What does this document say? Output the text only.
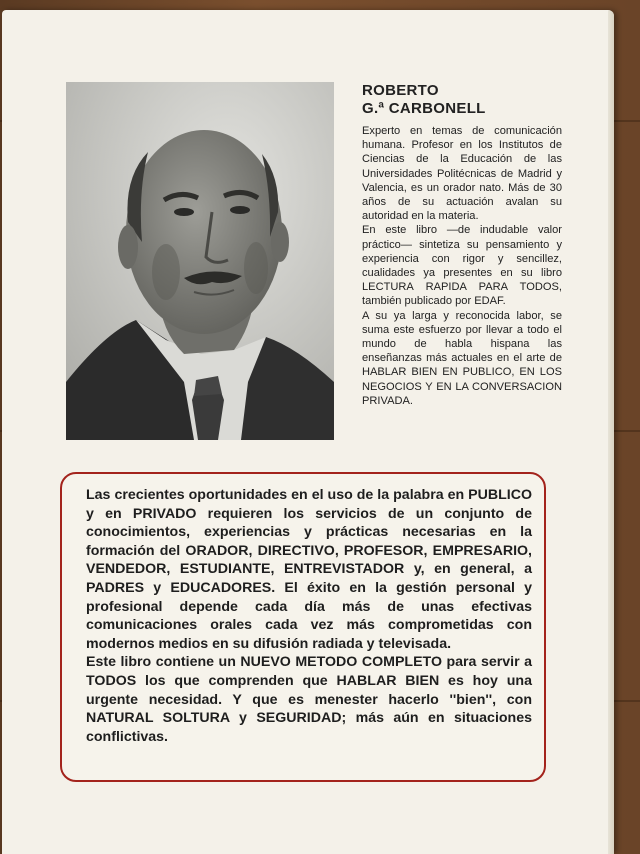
ROBERTO
G.ª CARBONELL

Experto en temas de comunicación humana. Profesor en los Institutos de Ciencias de la Educación de las Universidades Politécnicas de Madrid y Valencia, es un orador nato. Más de 30 años de su actuación avalan su autoridad en la materia.

En este libro —de indudable valor práctico— sintetiza su pensamiento y experiencia con rigor y sencillez, cualidades ya presentes en su libro LECTURA RAPIDA PARA TODOS, también publicado por EDAF.

A su ya larga y reconocida labor, se suma este esfuerzo por llevar a todo el mundo de habla hispana las enseñanzas más actuales en el arte de HABLAR BIEN EN PUBLICO, EN LOS NEGOCIOS Y EN LA CONVERSACION PRIVADA.

Las crecientes oportunidades en el uso de la palabra en PUBLICO y en PRIVADO requieren los servicios de un conjunto de conocimientos, experiencias y prácticas necesarias en la formación del ORADOR, DIRECTIVO, PROFESOR, EMPRESARIO, VENDEDOR, ESTUDIANTE, ENTREVISTADOR y, en general, a PADRES y EDUCADORES. El éxito en la gestión personal y profesional depende cada día más de unas efectivas comunicaciones orales cada vez más comprometidas con modernos medios en su difusión radiada y televisada.

Este libro contiene un NUEVO METODO COMPLETO para servir a TODOS los que comprenden que HABLAR BIEN es hoy una urgente necesidad. Y que es menester hacerlo ''bien'', con NATURAL SOLTURA y SEGURIDAD; más aún en situaciones conflictivas.
